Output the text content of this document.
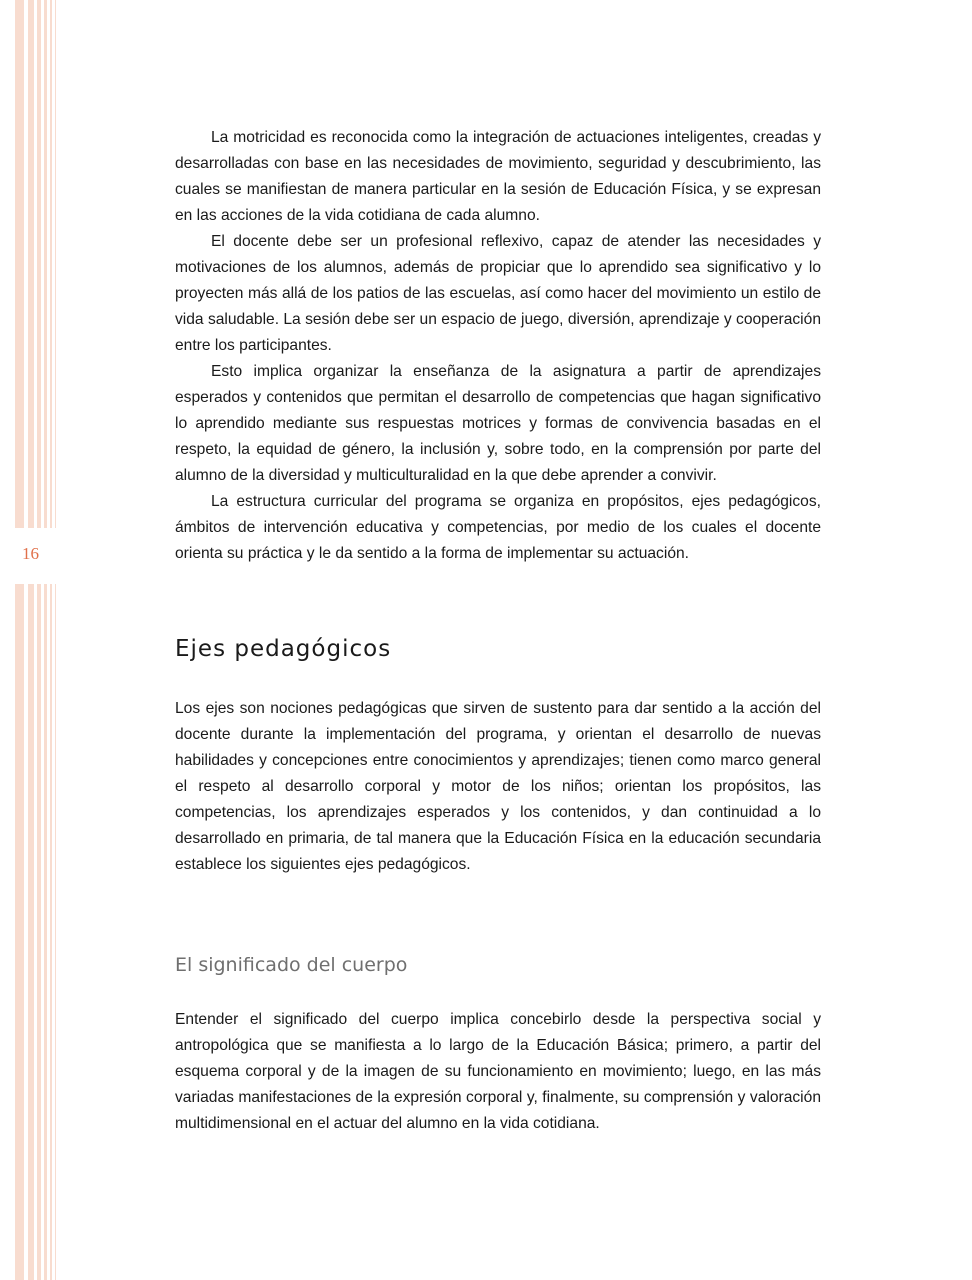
16

La motricidad es reconocida como la integración de actuaciones inteligentes, creadas y desarrolladas con base en las necesidades de movimiento, seguridad y descubrimiento, las cuales se manifiestan de manera particular en la sesión de Educación Física, y se expresan en las acciones de la vida cotidiana de cada alumno.

El docente debe ser un profesional reflexivo, capaz de atender las necesidades y motivaciones de los alumnos, además de propiciar que lo aprendido sea significativo y lo proyecten más allá de los patios de las escuelas, así como hacer del movimiento un estilo de vida saludable. La sesión debe ser un espacio de juego, diversión, aprendizaje y cooperación entre los participantes.

Esto implica organizar la enseñanza de la asignatura a partir de aprendizajes esperados y contenidos que permitan el desarrollo de competencias que hagan significativo lo aprendido mediante sus respuestas motrices y formas de convivencia basadas en el respeto, la equidad de género, la inclusión y, sobre todo, en la comprensión por parte del alumno de la diversidad y multiculturalidad en la que debe aprender a convivir.

La estructura curricular del programa se organiza en propósitos, ejes pedagógicos, ámbitos de intervención educativa y competencias, por medio de los cuales el docente orienta su práctica y le da sentido a la forma de implementar su actuación.

Ejes pedagógicos

Los ejes son nociones pedagógicas que sirven de sustento para dar sentido a la acción del docente durante la implementación del programa, y orientan el desarrollo de nuevas habilidades y concepciones entre conocimientos y aprendizajes; tienen como marco general el respeto al desarrollo corporal y motor de los niños; orientan los propósitos, las competencias, los aprendizajes esperados y los contenidos, y dan continuidad a lo desarrollado en primaria, de tal manera que la Educación Física en la educación secundaria establece los siguientes ejes pedagógicos.

El significado del cuerpo

Entender el significado del cuerpo implica concebirlo desde la perspectiva social y antropológica que se manifiesta a lo largo de la Educación Básica; primero, a partir del esquema corporal y de la imagen de su funcionamiento en movimiento; luego, en las más variadas manifestaciones de la expresión corporal y, finalmente, su comprensión y valoración multidimensional en el actuar del alumno en la vida cotidiana.
